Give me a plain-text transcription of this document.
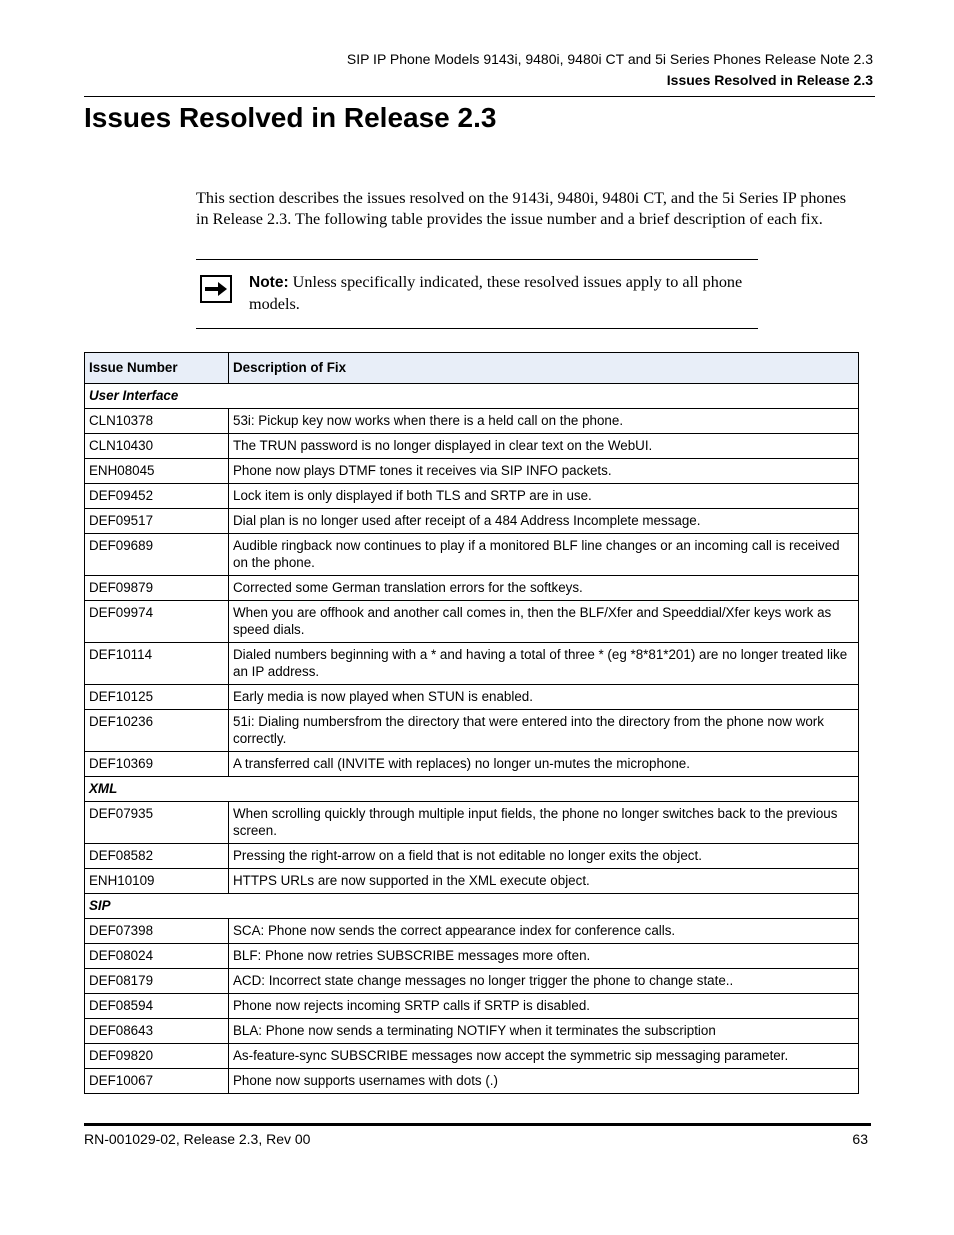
SIP IP Phone Models 9143i, 9480i, 9480i CT and 5i Series Phones Release Note 2.3
Issues Resolved in Release 2.3
Issues Resolved in Release 2.3

This section describes the issues resolved on the 9143i, 9480i, 9480i CT, and the 5i Series IP phones in Release 2.3. The following table provides the issue number and a brief description of each fix.

Note: Unless specifically indicated, these resolved issues apply to all phone models.

Issue Number	Description of Fix
User Interface	
CLN10378	53i: Pickup key now works when there is a held call on the phone.
CLN10430	The TRUN password is no longer displayed in clear text on the WebUI.
ENH08045	Phone now plays DTMF tones it receives via SIP INFO packets.
DEF09452	Lock item is only displayed if both TLS and SRTP are in use.
DEF09517	Dial plan is no longer used after receipt of a 484 Address Incomplete message.
DEF09689	Audible ringback now continues to play if a monitored BLF line changes or an incoming call is received on the phone.
DEF09879	Corrected some German translation errors for the softkeys.
DEF09974	When you are offhook and another call comes in, then the BLF/Xfer and Speeddial/Xfer keys work as speed dials.
DEF10114	Dialed numbers beginning with a * and having a total of three * (eg *8*81*201) are no longer treated like an IP address.
DEF10125	Early media is now played when STUN is enabled.
DEF10236	51i: Dialing numbersfrom the directory that were entered into the directory from the phone now work correctly.
DEF10369	A transferred call (INVITE with replaces) no longer un-mutes the microphone.
XML	
DEF07935	When scrolling quickly through multiple input fields, the phone no longer switches back to the previous screen.
DEF08582	Pressing the right-arrow on a field that is not editable no longer exits the object.
ENH10109	HTTPS URLs are now supported in the XML execute object.
SIP	
DEF07398	SCA: Phone now sends the correct appearance index for conference calls.
DEF08024	BLF: Phone now retries SUBSCRIBE messages more often.
DEF08179	ACD: Incorrect state change messages no longer trigger the phone to change state..
DEF08594	Phone now rejects incoming SRTP calls if SRTP is disabled.
DEF08643	BLA: Phone now sends a terminating NOTIFY when it terminates the subscription
DEF09820	As-feature-sync SUBSCRIBE messages now accept the symmetric sip messaging parameter.
DEF10067	Phone now supports usernames with dots (.)
RN-001029-02, Release 2.3, Rev 00	63
